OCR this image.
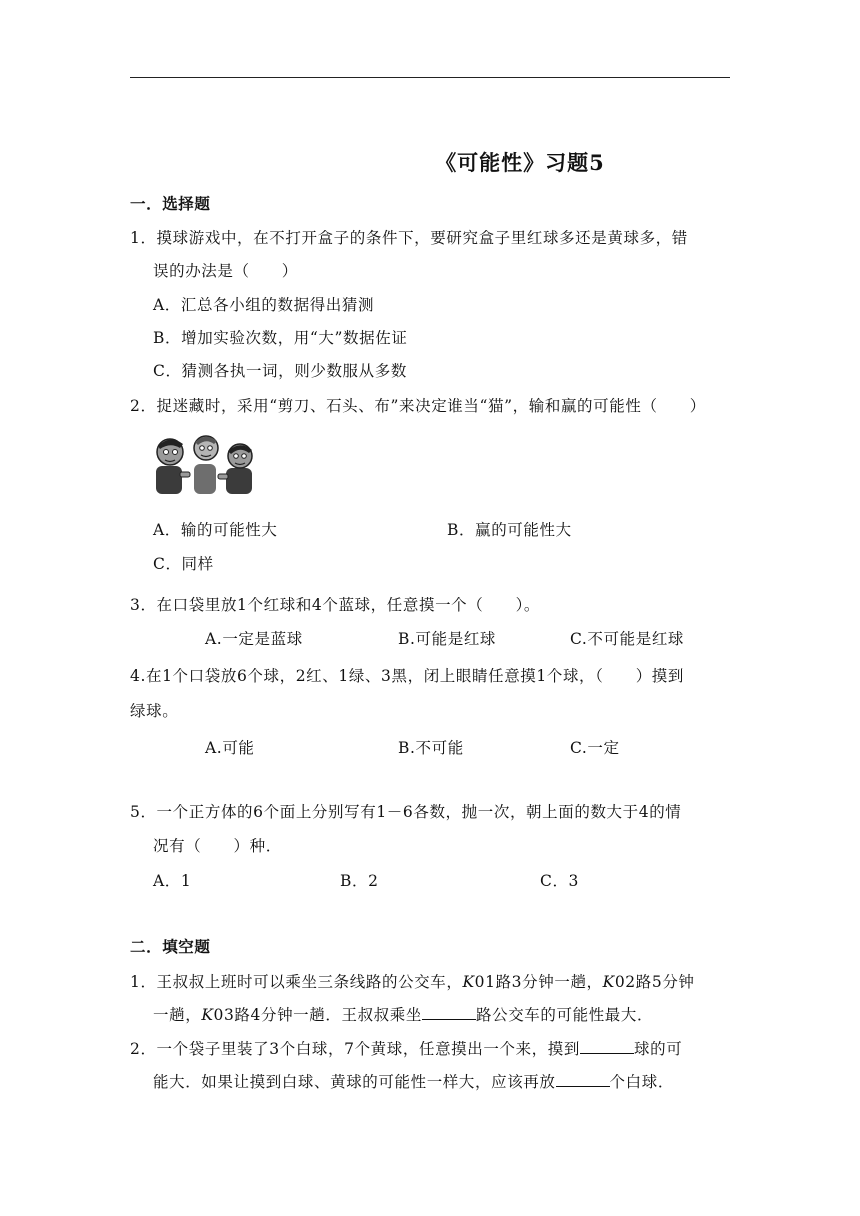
《可能性》习题5
一．选择题
1．摸球游戏中，在不打开盒子的条件下，要研究盒子里红球多还是黄球多，错
误的办法是（　　）
A．汇总各小组的数据得出猜测
B．增加实验次数，用“大”数据佐证
C．猜测各执一词，则少数服从多数
2．捉迷藏时，采用“剪刀、石头、布”来决定谁当“猫”，输和赢的可能性（　　）
A．输的可能性大	B．赢的可能性大
C．同样
3．在口袋里放1个红球和4个蓝球，任意摸一个（　　）。
A.一定是蓝球	B.可能是红球	C.不可能是红球
4.在1个口袋放6个球，2红、1绿、3黑，闭上眼睛任意摸1个球，（　　）摸到
绿球。
A.可能	B.不可能	C.一定
5．一个正方体的6个面上分别写有1－6各数，抛一次，朝上面的数大于4的情
况有（　　）种．
A．1	B．2	C．3
二．填空题
1．王叔叔上班时可以乘坐三条线路的公交车，K01路3分钟一趟，K02路5分钟
一趟，K03路4分钟一趟．王叔叔乘坐	路公交车的可能性最大．
2．一个袋子里装了3个白球，7个黄球，任意摸出一个来，摸到	球的可
能大．如果让摸到白球、黄球的可能性一样大，应该再放	个白球．
